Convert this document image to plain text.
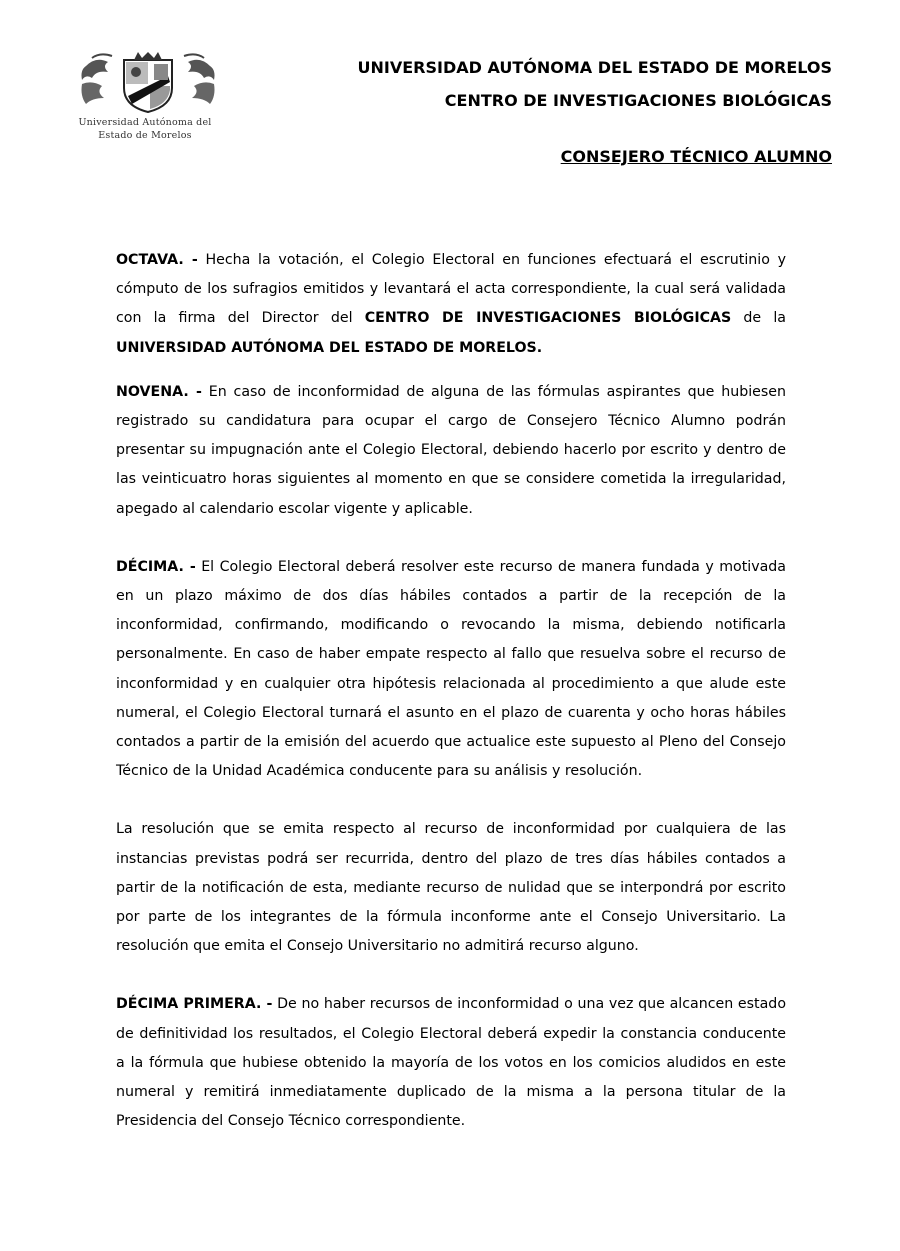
Universidad Autónoma del
Estado de Morelos
UNIVERSIDAD AUTÓNOMA DEL ESTADO DE MORELOS
CENTRO DE INVESTIGACIONES BIOLÓGICAS
CONSEJERO TÉCNICO ALUMNO

OCTAVA. - Hecha la votación, el Colegio Electoral en funciones efectuará el escrutinio y cómputo de los sufragios emitidos y levantará el acta correspondiente, la cual será validada con la firma del Director del CENTRO DE INVESTIGACIONES BIOLÓGICAS de la UNIVERSIDAD AUTÓNOMA DEL ESTADO DE MORELOS.

NOVENA. - En caso de inconformidad de alguna de las fórmulas aspirantes que hubiesen registrado su candidatura para ocupar el cargo de Consejero Técnico Alumno podrán presentar su impugnación ante el Colegio Electoral, debiendo hacerlo por escrito y dentro de las veinticuatro horas siguientes al momento en que se considere cometida la irregularidad, apegado al calendario escolar vigente y aplicable.

DÉCIMA. - El Colegio Electoral deberá resolver este recurso de manera fundada y motivada en un plazo máximo de dos días hábiles contados a partir de la recepción de la inconformidad, confirmando, modificando o revocando la misma, debiendo notificarla personalmente. En caso de haber empate respecto al fallo que resuelva sobre el recurso de inconformidad y en cualquier otra hipótesis relacionada al procedimiento a que alude este numeral, el Colegio Electoral turnará el asunto en el plazo de cuarenta y ocho horas hábiles contados a partir de la emisión del acuerdo que actualice este supuesto al Pleno del Consejo Técnico de la Unidad Académica conducente para su análisis y resolución.

La resolución que se emita respecto al recurso de inconformidad por cualquiera de las instancias previstas podrá ser recurrida, dentro del plazo de tres días hábiles contados a partir de la notificación de esta, mediante recurso de nulidad que se interpondrá por escrito por parte de los integrantes de la fórmula inconforme ante el Consejo Universitario. La resolución que emita el Consejo Universitario no admitirá recurso alguno.

DÉCIMA PRIMERA. - De no haber recursos de inconformidad o una vez que alcancen estado de definitividad los resultados, el Colegio Electoral deberá expedir la constancia conducente a la fórmula que hubiese obtenido la mayoría de los votos en los comicios aludidos en este numeral y remitirá inmediatamente duplicado de la misma a la persona titular de la Presidencia del Consejo Técnico correspondiente.
